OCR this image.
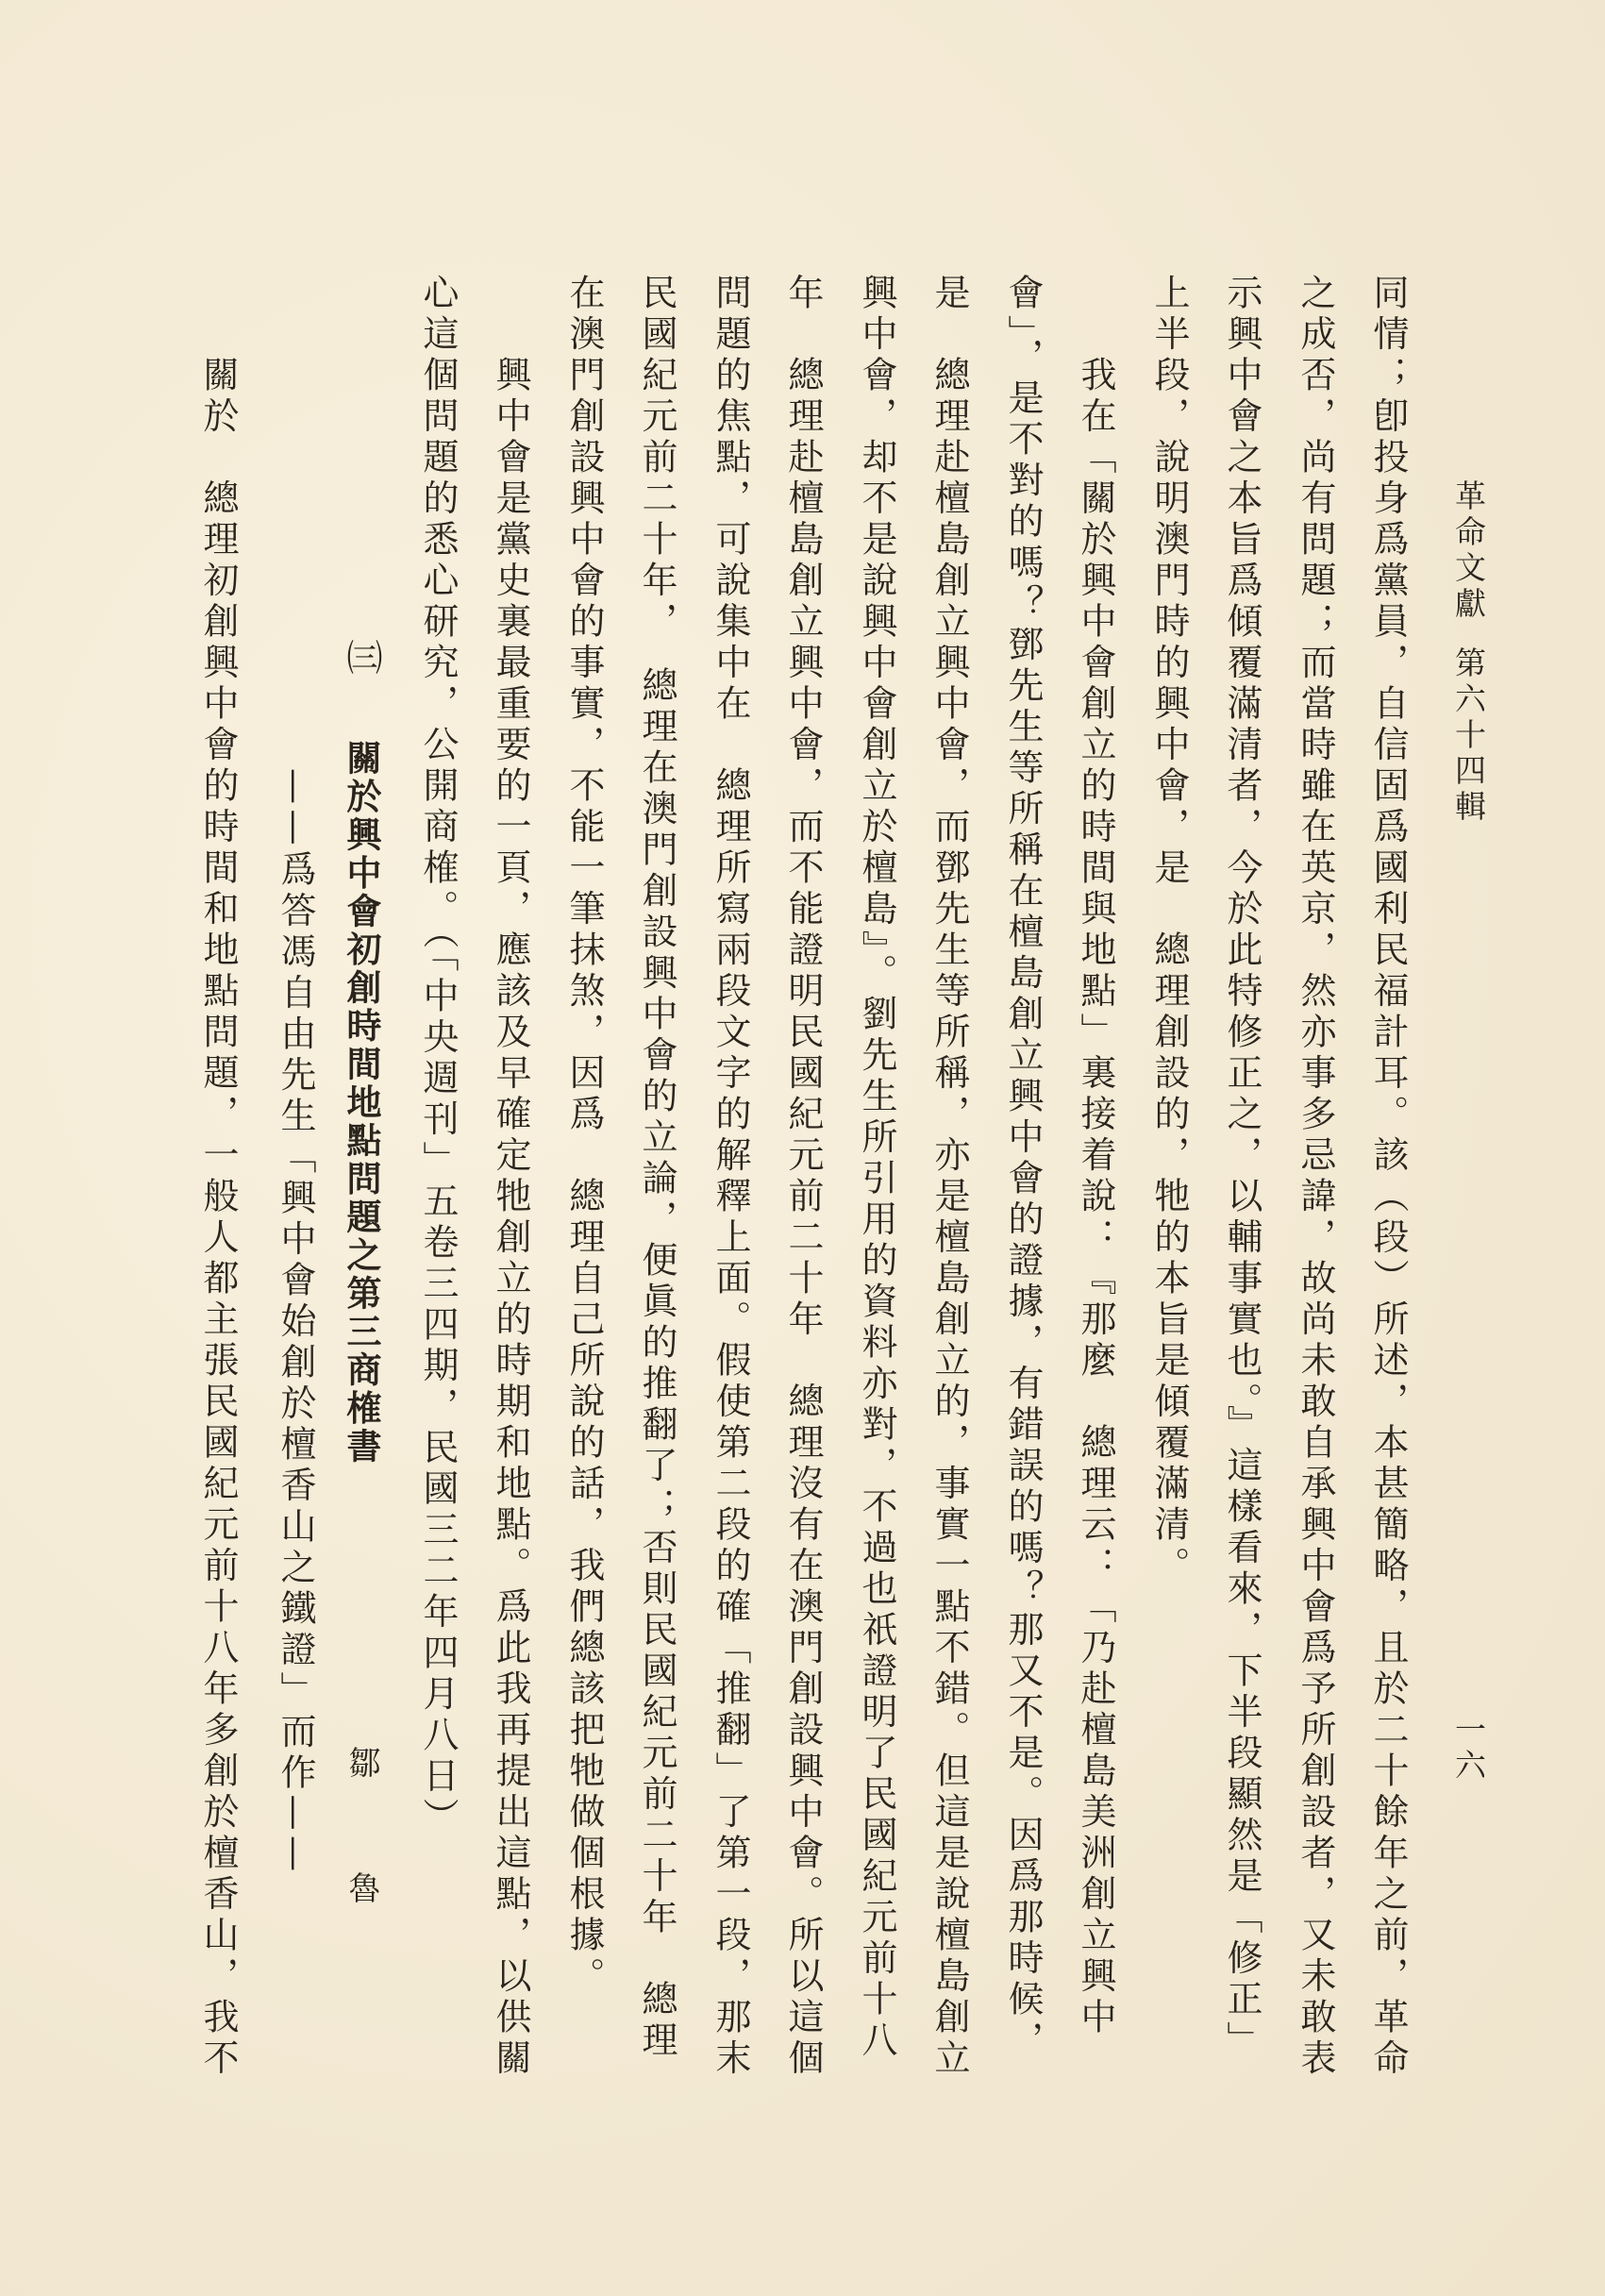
革命文獻
第六十四輯
一六
同情；卽投身爲黨員，自信固爲國利民福計耳。該（段）所述，本甚簡略，且於二十餘年之前，革命
之成否，尚有問題；而當時雖在英京，然亦事多忌諱，故尚未敢自承興中會爲予所創設者，又未敢表
示興中會之本旨爲傾覆滿清者，今於此特修正之，以輔事實也。』這樣看來，下半段顯然是「修正」
上半段，說明澳門時的興中會，是　總理創設的，牠的本旨是傾覆滿清。
我在「關於興中會創立的時間與地點」裏接着說：『那麼　總理云：「乃赴檀島美洲創立興中
會」，是不對的嗎？鄧先生等所稱在檀島創立興中會的證據，有錯誤的嗎？那又不是。因爲那時候，
是　總理赴檀島創立興中會，而鄧先生等所稱，亦是檀島創立的，事實一點不錯。但這是說檀島創立
興中會，却不是說興中會創立於檀島』。劉先生所引用的資料亦對，不過也祇證明了民國紀元前十八
年　總理赴檀島創立興中會，而不能證明民國紀元前二十年　總理沒有在澳門創設興中會。所以這個
問題的焦點，可說集中在　總理所寫兩段文字的解釋上面。假使第二段的確「推翻」了第一段，那末
民國紀元前二十年，　總理在澳門創設興中會的立論，便眞的推翻了；否則民國紀元前二十年　總理
在澳門創設興中會的事實，不能一筆抹煞，因爲　總理自己所說的話，我們總該把牠做個根據。
興中會是黨史裏最重要的一頁，應該及早確定牠創立的時期和地點。爲此我再提出這點，以供關
心這個問題的悉心研究，公開商榷。（「中央週刊」五卷三四期，民國三二年四月八日）
㈢
關於興中會初創時間地點問題之第三商榷書
鄒
魯
——爲答馮自由先生「興中會始創於檀香山之鐵證」而作——
關於　總理初創興中會的時間和地點問題，一般人都主張民國紀元前十八年多創於檀香山，我不
